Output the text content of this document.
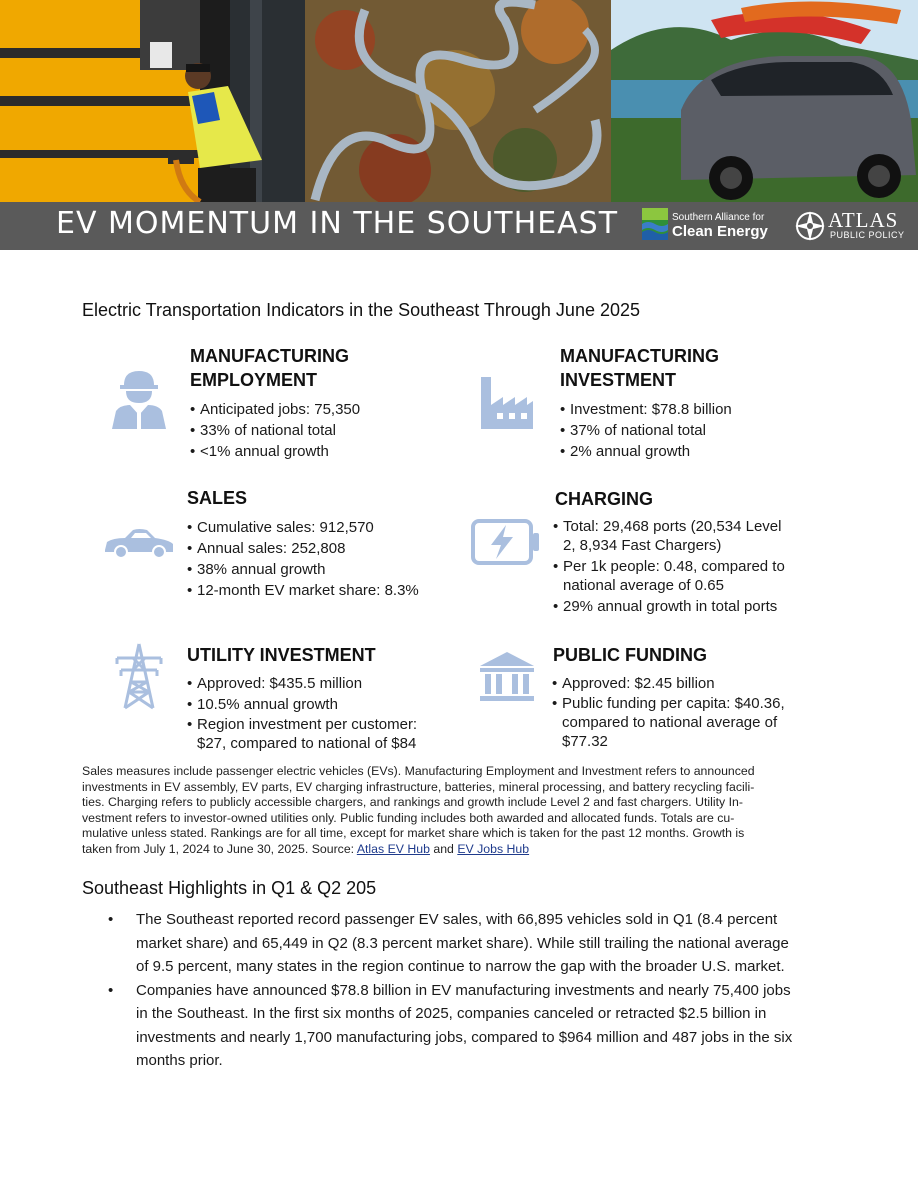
EV MOMENTUM IN THE SOUTHEAST	Southern Alliance for
Clean Energy	ATLAS
PUBLIC POLICY
Electric Transportation Indicators in the Southeast Through June 2025
MANUFACTURING
EMPLOYMENT
• Anticipated jobs: 75,350
• 33% of national total
• <1% annual growth
MANUFACTURING
INVESTMENT
• Investment: $78.8 billion
• 37% of national total
• 2% annual growth
SALES
• Cumulative sales: 912,570
• Annual sales: 252,808
• 38% annual growth
• 12-month EV market share: 8.3%
CHARGING
• Total: 29,468 ports (20,534 Level
2, 8,934 Fast Chargers)
• Per 1k people: 0.48, compared to
national average of 0.65
• 29% annual growth in total ports
UTILITY INVESTMENT
• Approved: $435.5 million
• 10.5% annual growth
• Region investment per customer:
$27, compared to national of $84
PUBLIC FUNDING
• Approved: $2.45 billion
• Public funding per capita: $40.36,
compared to national average of
$77.32
Sales measures include passenger electric vehicles (EVs). Manufacturing Employment and Investment refers to announced
investments in EV assembly, EV parts, EV charging infrastructure, batteries, mineral processing, and battery recycling facili-
ties. Charging refers to publicly accessible chargers, and rankings and growth include Level 2 and fast chargers. Utility In-
vestment refers to investor-owned utilities only. Public funding includes both awarded and allocated funds. Totals are cu-
mulative unless stated. Rankings are for all time, except for market share which is taken for the past 12 months. Growth is
taken from July 1, 2024 to June 30, 2025. Source: Atlas EV Hub and EV Jobs Hub
Southeast Highlights in Q1 & Q2 205
• The Southeast reported record passenger EV sales, with 66,895 vehicles sold in Q1 (8.4 percent
market share) and 65,449 in Q2 (8.3 percent market share). While still trailing the national average
of 9.5 percent, many states in the region continue to narrow the gap with the broader U.S. market.
• Companies have announced $78.8 billion in EV manufacturing investments and nearly 75,400 jobs
in the Southeast. In the first six months of 2025, companies canceled or retracted $2.5 billion in
investments and nearly 1,700 manufacturing jobs, compared to $964 million and 487 jobs in the six
months prior.
